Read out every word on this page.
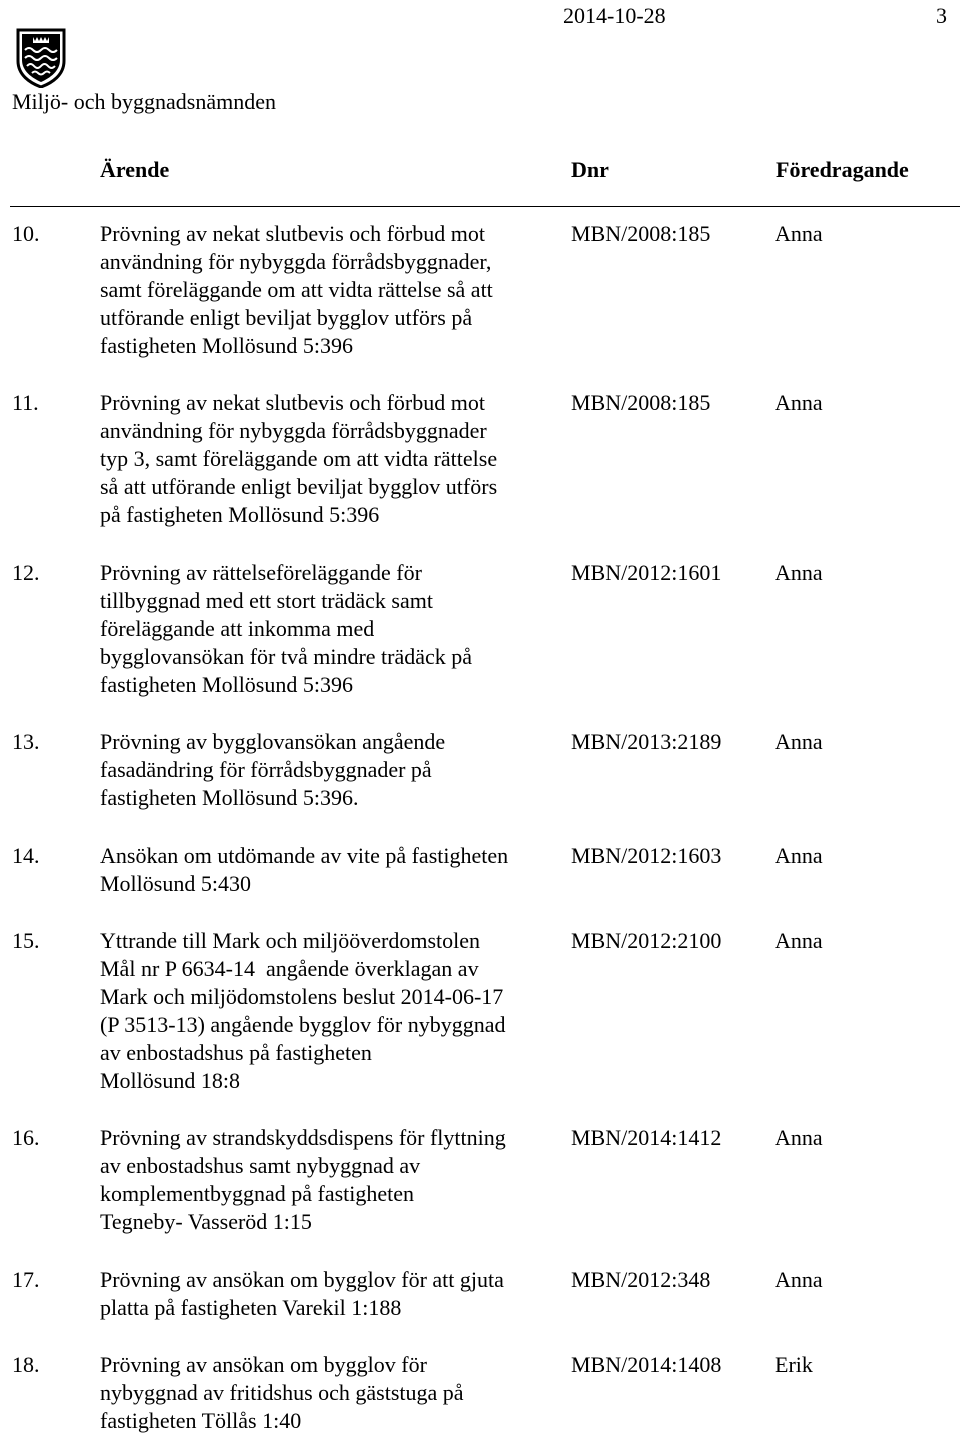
2014-10-28	3
Miljö- och byggnadsnämnden
Ärende	Dnr	Föredragande
10.	Prövning av nekat slutbevis och förbud mot
användning för nybyggda förrådsbyggnader,
samt föreläggande om att vidta rättelse så att
utförande enligt beviljat bygglov utförs på
fastigheten Mollösund 5:396
MBN/2008:185	Anna
11.	Prövning av nekat slutbevis och förbud mot
användning för nybyggda förrådsbyggnader
typ 3, samt föreläggande om att vidta rättelse
så att utförande enligt beviljat bygglov utförs
på fastigheten Mollösund 5:396
MBN/2008:185	Anna
12.	Prövning av rättelseföreläggande för
tillbyggnad med ett stort trädäck samt
föreläggande att inkomma med
bygglovansökan för två mindre trädäck på
fastigheten Mollösund 5:396
MBN/2012:1601 Anna
13.	Prövning av bygglovansökan angående
fasadändring för förrådsbyggnader på
fastigheten Mollösund 5:396.
MBN/2013:2189 Anna
14.	Ansökan om utdömande av vite på fastigheten
Mollösund 5:430
MBN/2012:1603 Anna
15.	Yttrande till Mark och miljööverdomstolen
Mål nr P 6634-14  angående överklagan av
Mark och miljödomstolens beslut 2014-06-17
(P 3513-13) angående bygglov för nybyggnad
av enbostadshus på fastigheten
Mollösund 18:8
MBN/2012:2100 Anna
16.	Prövning av strandskyddsdispens för flyttning
av enbostadshus samt nybyggnad av
komplementbyggnad på fastigheten
Tegneby- Vasseröd 1:15
MBN/2014:1412 Anna
17.	Prövning av ansökan om bygglov för att gjuta
platta på fastigheten Varekil 1:188
MBN/2012:348	Anna
18.	Prövning av ansökan om bygglov för
nybyggnad av fritidshus och gäststuga på
fastigheten Töllås 1:40
MBN/2014:1408 Erik
